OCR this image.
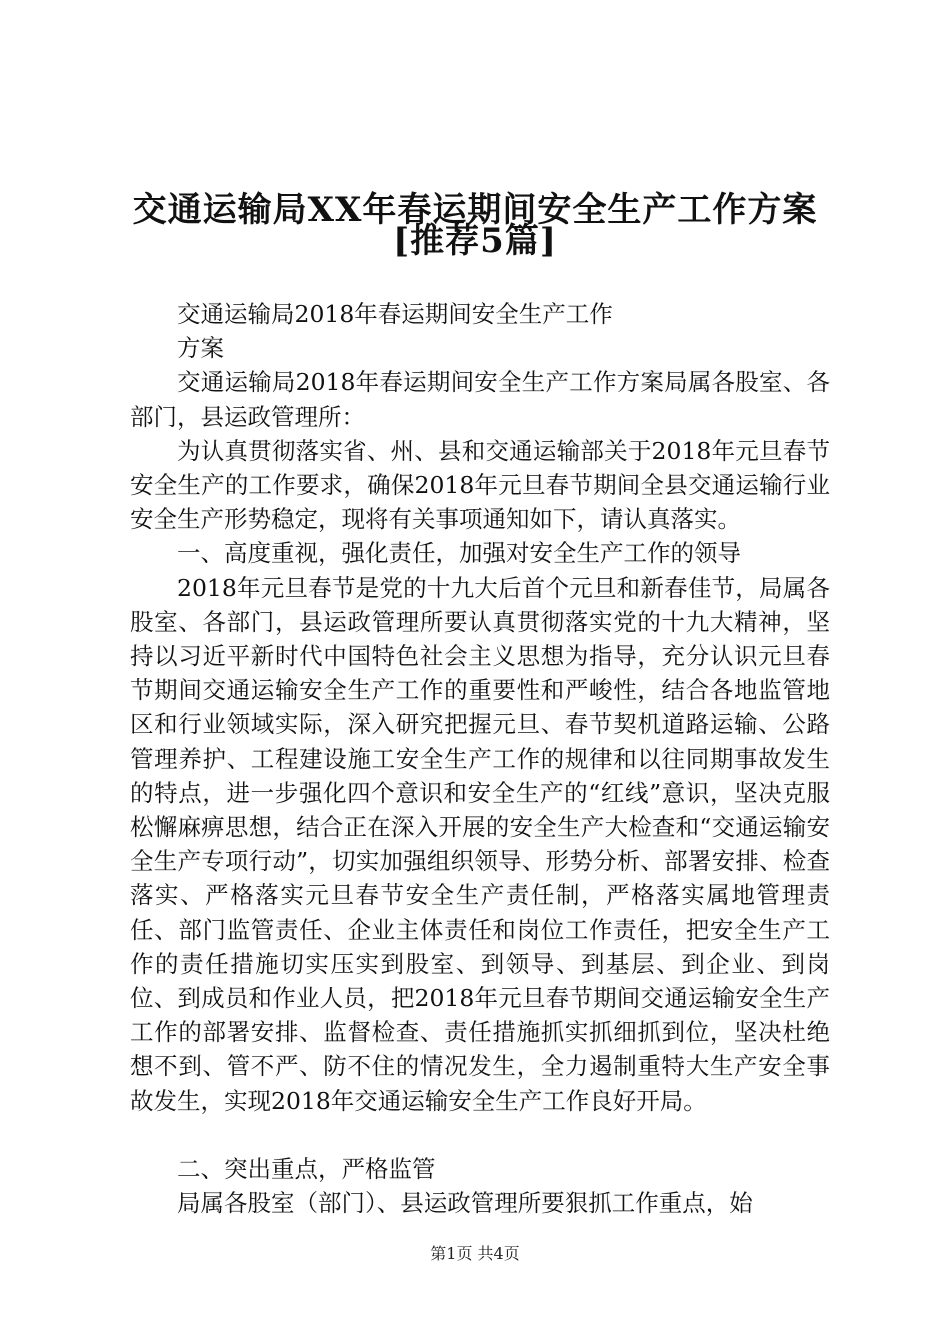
交通运输局XX年春运期间安全生产工作方案
[推荐5篇]

交通运输局2018年春运期间安全生产工作

方案

交通运输局2018年春运期间安全生产工作方案局属各股室、各部门，县运政管理所：

为认真贯彻落实省、州、县和交通运输部关于2018年元旦春节安全生产的工作要求，确保2018年元旦春节期间全县交通运输行业安全生产形势稳定，现将有关事项通知如下，请认真落实。

一、高度重视，强化责任，加强对安全生产工作的领导

2018年元旦春节是党的十九大后首个元旦和新春佳节，局属各股室、各部门，县运政管理所要认真贯彻落实党的十九大精神，坚持以习近平新时代中国特色社会主义思想为指导，充分认识元旦春节期间交通运输安全生产工作的重要性和严峻性，结合各地监管地区和行业领域实际，深入研究把握元旦、春节契机道路运输、公路管理养护、工程建设施工安全生产工作的规律和以往同期事故发生的特点，进一步强化四个意识和安全生产的“红线”意识，坚决克服松懈麻痹思想，结合正在深入开展的安全生产大检查和“交通运输安全生产专项行动”，切实加强组织领导、形势分析、部署安排、检查落实、严格落实元旦春节安全生产责任制，严格落实属地管理责任、部门监管责任、企业主体责任和岗位工作责任，把安全生产工作的责任措施切实压实到股室、到领导、到基层、到企业、到岗位、到成员和作业人员，把2018年元旦春节期间交通运输安全生产工作的部署安排、监督检查、责任措施抓实抓细抓到位，坚决杜绝想不到、管不严、防不住的情况发生，全力遏制重特大生产安全事故发生，实现2018年交通运输安全生产工作良好开局。

二、突出重点，严格监管

局属各股室（部门）、县运政管理所要狠抓工作重点，始

第1页 共4页
